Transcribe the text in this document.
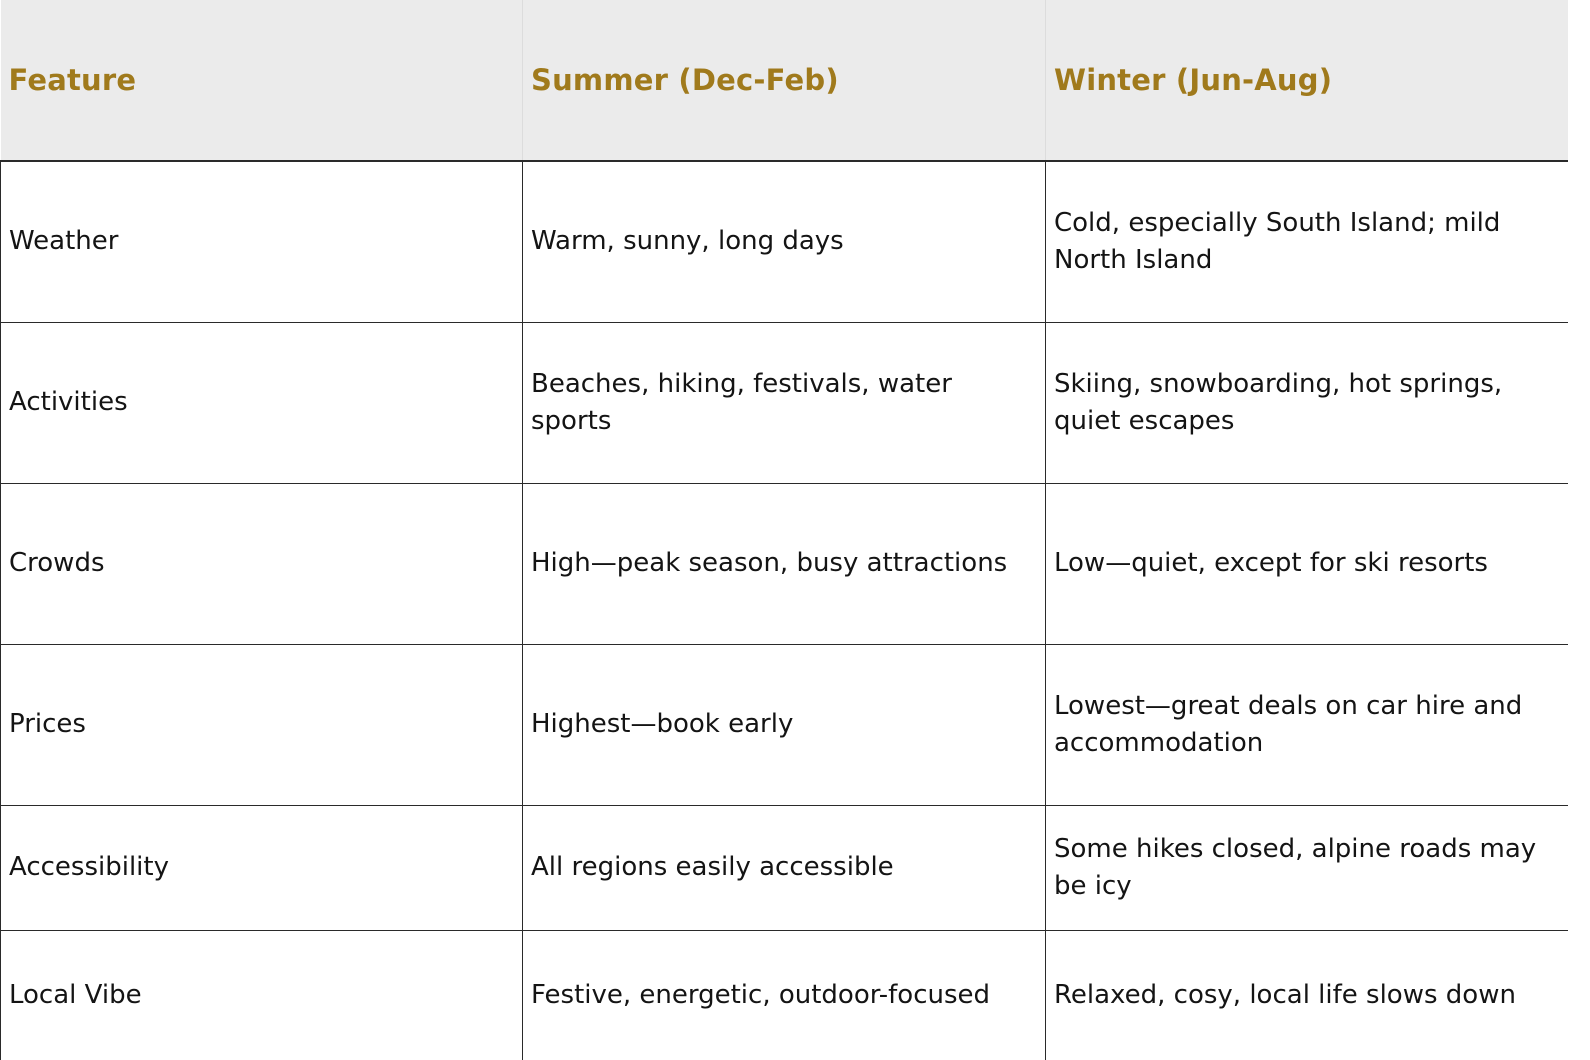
Feature	Summer (Dec-Feb)	Winter (Jun-Aug)
Weather	Warm, sunny, long days	Cold, especially South Island; mild North Island
Activities	Beaches, hiking, festivals, water sports	Skiing, snowboarding, hot springs, quiet escapes
Crowds	High—peak season, busy attractions	Low—quiet, except for ski resorts
Prices	Highest—book early	Lowest—great deals on car hire and accommodation
Accessibility	All regions easily accessible	Some hikes closed, alpine roads may be icy
Local Vibe	Festive, energetic, outdoor-focused	Relaxed, cosy, local life slows down
